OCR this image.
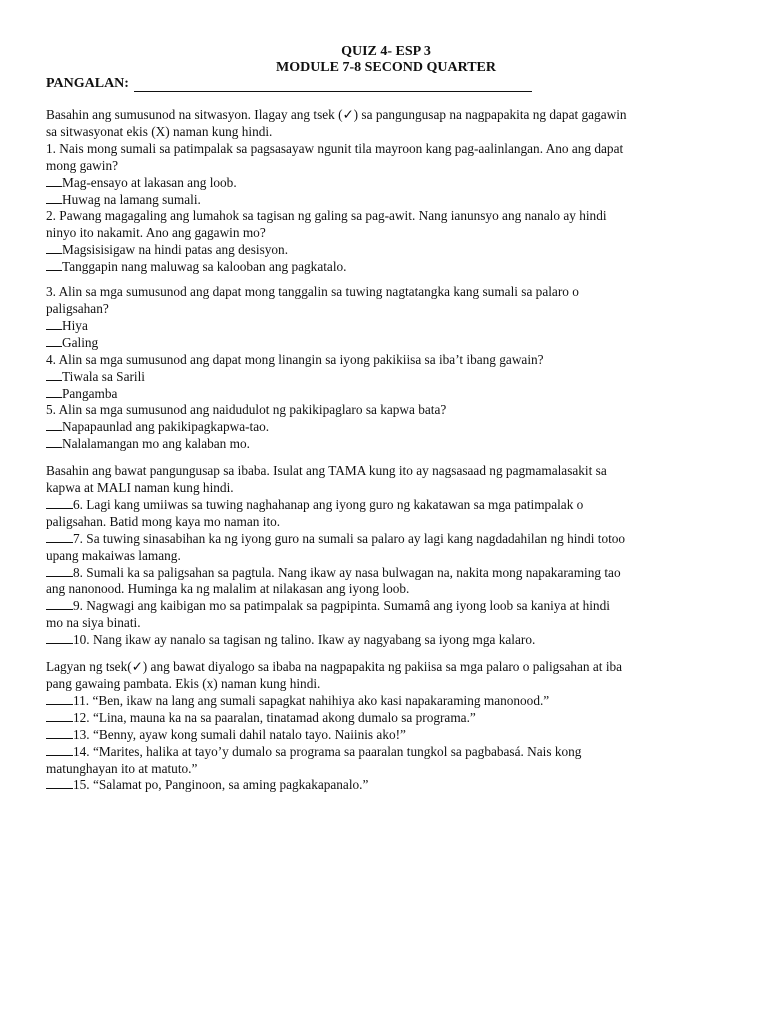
QUIZ 4- ESP 3
MODULE 7-8 SECOND QUARTER
PANGALAN:

Basahin ang sumusunod na sitwasyon. Ilagay ang tsek (✓) sa pangungusap na nagpapakita ng dapat gagawin

sa sitwasyonat ekis (X) naman kung hindi.

1. Nais mong sumali sa patimpalak sa pagsasayaw ngunit tila mayroon kang pag-aalinlangan. Ano ang dapat

mong gawin?

Mag-ensayo at lakasan ang loob.

Huwag na lamang sumali.

2. Pawang magagaling ang lumahok sa tagisan ng galing sa pag-awit. Nang ianunsyo ang nanalo ay hindi

ninyo ito nakamit. Ano ang gagawin mo?

Magsisisigaw na hindi patas ang desisyon.

Tanggapin nang maluwag sa kalooban ang pagkatalo.

3. Alin sa mga sumusunod ang dapat mong tanggalin sa tuwing nagtatangka kang sumali sa palaro o

paligsahan?

Hiya

Galing

4. Alin sa mga sumusunod ang dapat mong linangin sa iyong pakikiisa sa iba’t ibang gawain?

Tiwala sa Sarili

Pangamba

5. Alin sa mga sumusunod ang naidudulot ng pakikipaglaro sa kapwa bata?

Napapaunlad ang pakikipagkapwa-tao.

Nalalamangan mo ang kalaban mo.

Basahin ang bawat pangungusap sa ibaba. Isulat ang TAMA kung ito ay nagsasaad ng pagmamalasakit sa

kapwa at MALI naman kung hindi.

6. Lagi kang umiiwas sa tuwing naghahanap ang iyong guro ng kakatawan sa mga patimpalak o

paligsahan. Batid mong kaya mo naman ito.

7. Sa tuwing sinasabihan ka ng iyong guro na sumali sa palaro ay lagi kang nagdadahilan ng hindi totoo

upang makaiwas lamang.

8. Sumali ka sa paligsahan sa pagtula. Nang ikaw ay nasa bulwagan na, nakita mong napakaraming tao

ang nanonood. Huminga ka ng malalim at nilakasan ang iyong loob.

9. Nagwagi ang kaibigan mo sa patimpalak sa pagpipinta. Sumamâ ang iyong loob sa kaniya at hindi

mo na siya binati.

10. Nang ikaw ay nanalo sa tagisan ng talino. Ikaw ay nagyabang sa iyong mga kalaro.

Lagyan ng tsek(✓) ang bawat diyalogo sa ibaba na nagpapakita ng pakiisa sa mga palaro o paligsahan at iba

pang gawaing pambata. Ekis (x) naman kung hindi.

11. “Ben, ikaw na lang ang sumali sapagkat nahihiya ako kasi napakaraming manonood.”

12. “Lina, mauna ka na sa paaralan, tinatamad akong dumalo sa programa.”

13. “Benny, ayaw kong sumali dahil natalo tayo. Naiinis ako!”

14. “Marites, halika at tayo’y dumalo sa programa sa paaralan tungkol sa pagbabasá. Nais kong

matunghayan ito at matuto.”

15. “Salamat po, Panginoon, sa aming pagkakapanalo.”
